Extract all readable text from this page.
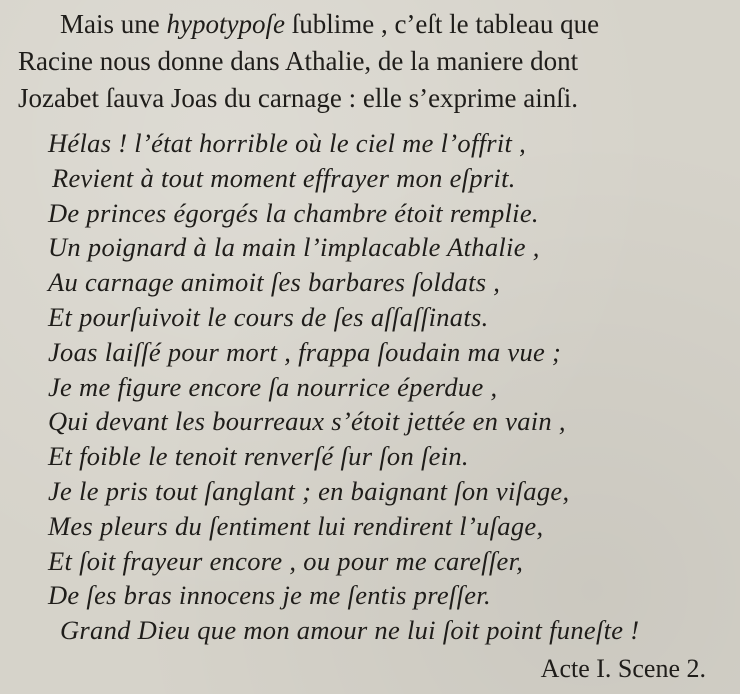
Mais une hypotypoſe ſublime , c’eſt le tableau que
Racine nous donne dans Athalie, de la maniere dont
Jozabet ſauva Joas du carnage : elle s’exprime ainſi.
Hélas ! l’état horrible où le ciel me l’offrit ,
Revient à tout moment effrayer mon eſprit.
De princes égorgés la chambre étoit remplie.
Un poignard à la main l’implacable Athalie ,
Au carnage animoit ſes barbares ſoldats ,
Et pourſuivoit le cours de ſes aſſaſſinats.
Joas laiſſé pour mort , frappa ſoudain ma vue ;
Je me figure encore ſa nourrice éperdue ,
Qui devant les bourreaux s’étoit jettée en vain ,
Et foible le tenoit renverſé ſur ſon ſein.
Je le pris tout ſanglant ; en baignant ſon viſage,
Mes pleurs du ſentiment lui rendirent l’uſage,
Et ſoit frayeur encore , ou pour me careſſer,
De ſes bras innocens je me ſentis preſſer.
Grand Dieu que mon amour ne lui ſoit point funeſte !
Acte I. Scene 2.
